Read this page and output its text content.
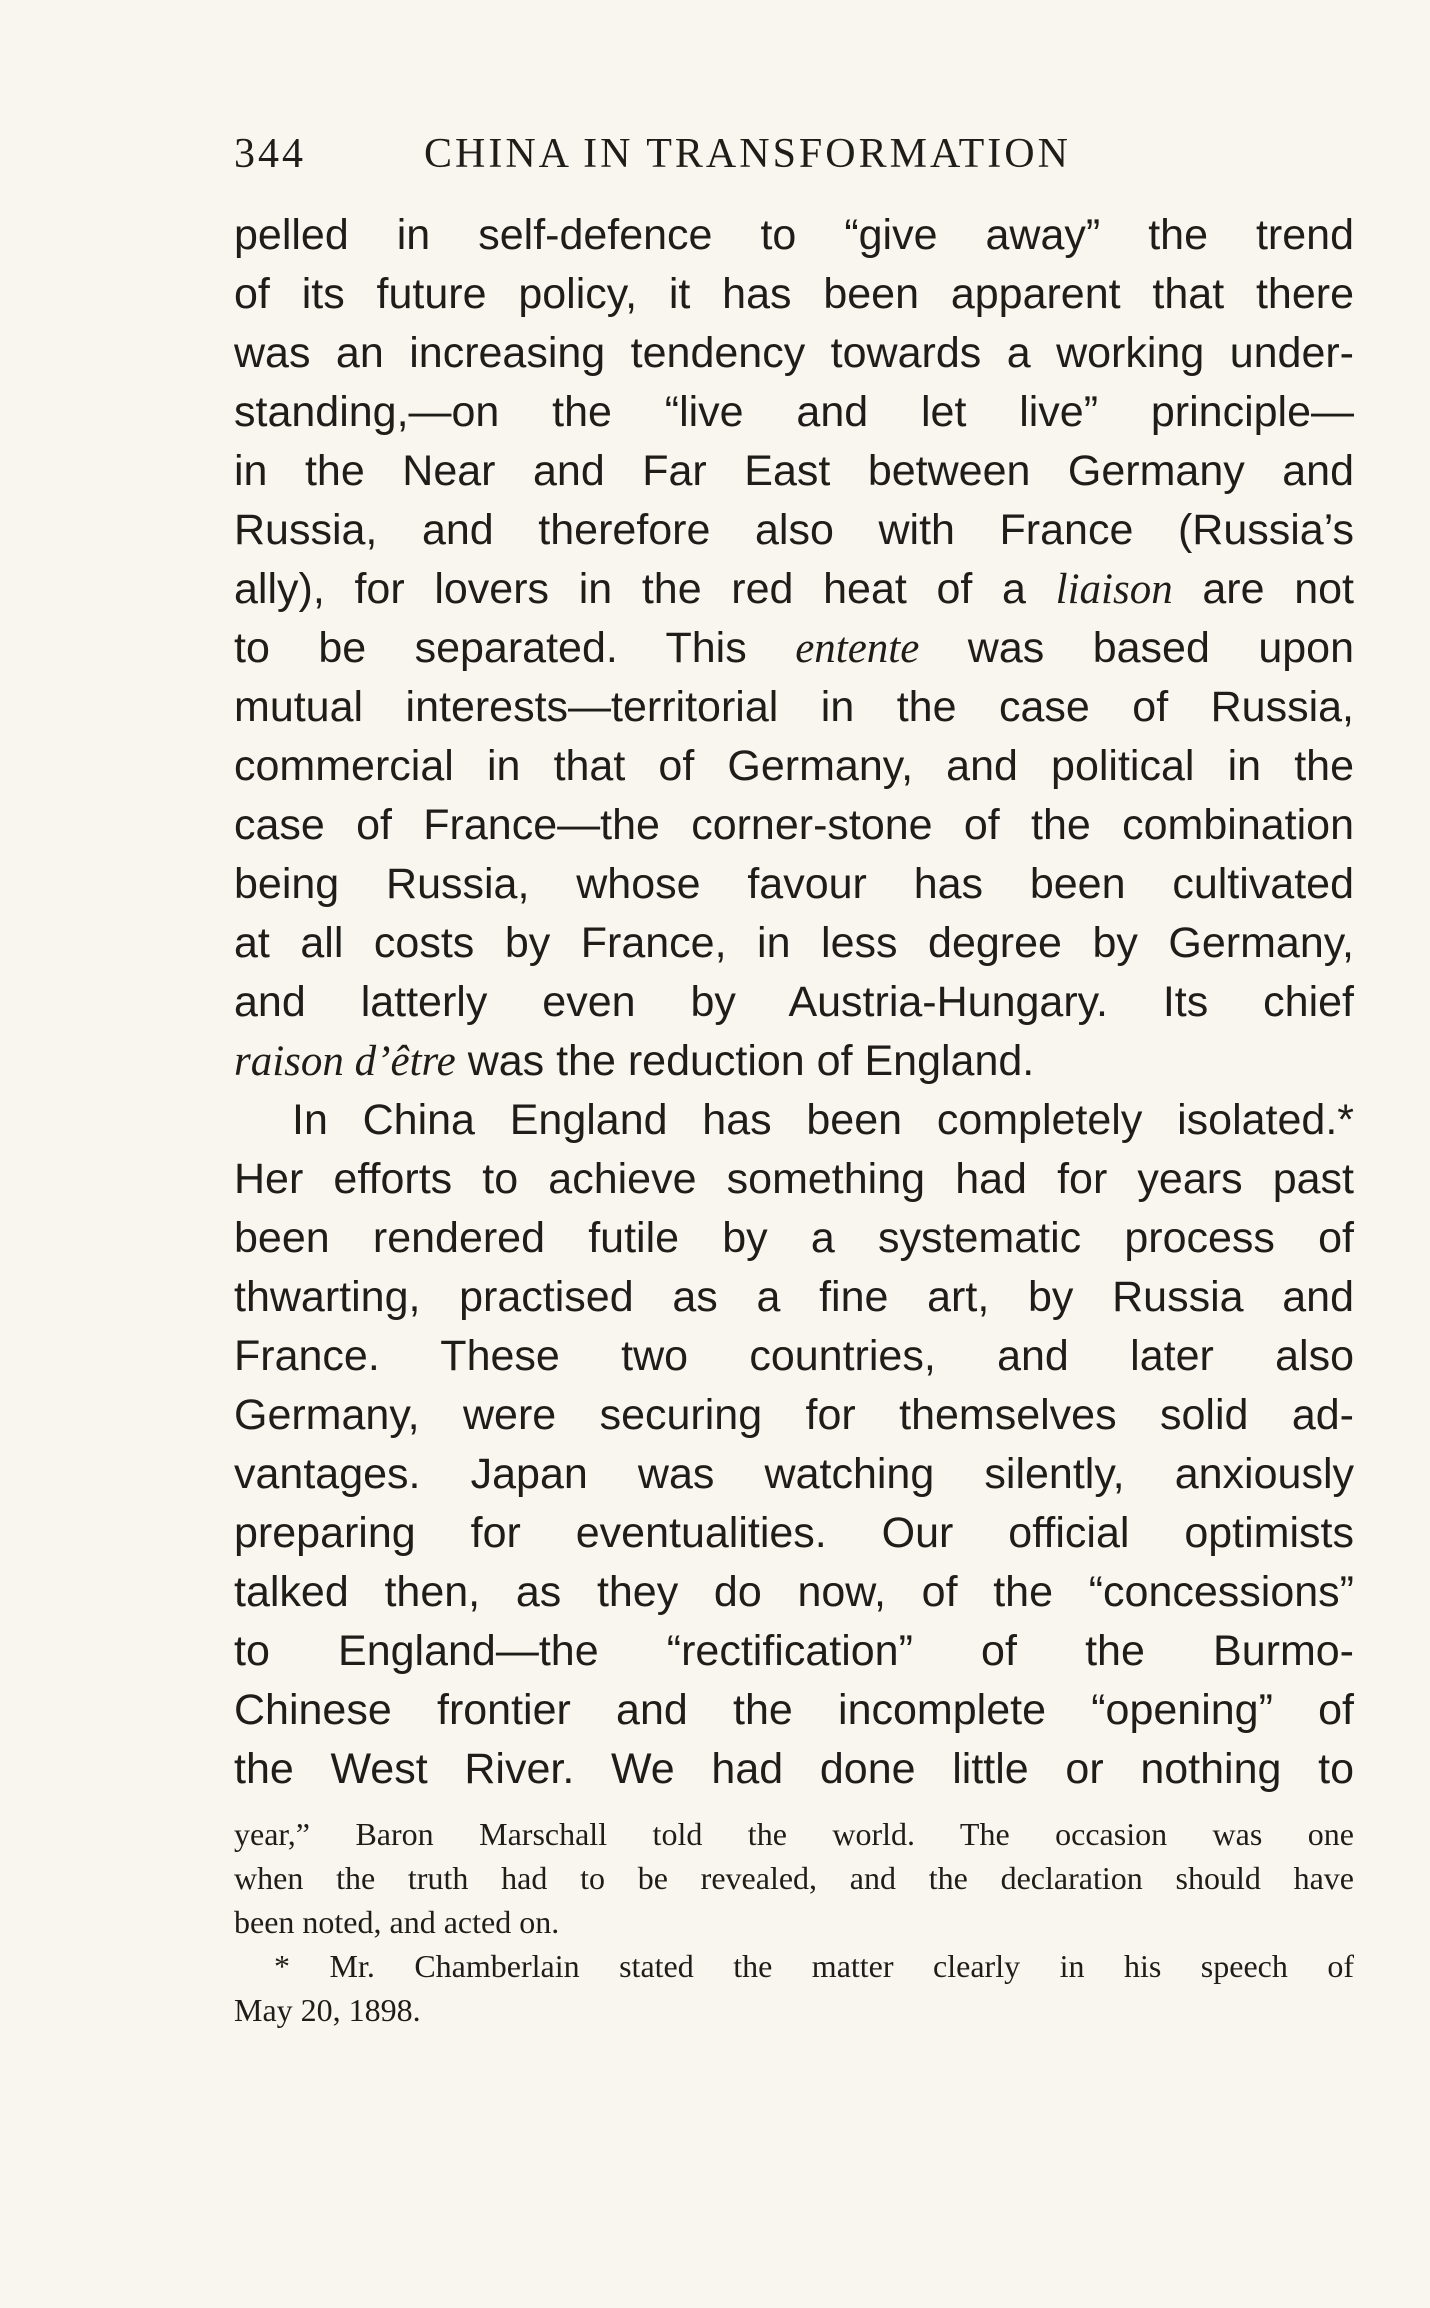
344	CHINA IN TRANSFORMATION
pelled in self-defence to “give away” the trend
of its future policy, it has been apparent that there
was an increasing tendency towards a working under-
standing,—on the “live and let live” principle—
in the Near and Far East between Germany and
Russia, and therefore also with France (Russia’s
ally), for lovers in the red heat of a liaison are not
to be separated. This entente was based upon
mutual interests—territorial in the case of Russia,
commercial in that of Germany, and political in the
case of France—the corner-stone of the combination
being Russia, whose favour has been cultivated
at all costs by France, in less degree by Germany,
and latterly even by Austria-Hungary. Its chief
raison d’être was the reduction of England.
In China England has been completely isolated.*
Her efforts to achieve something had for years past
been rendered futile by a systematic process of
thwarting, practised as a fine art, by Russia and
France. These two countries, and later also
Germany, were securing for themselves solid ad-
vantages. Japan was watching silently, anxiously
preparing for eventualities. Our official optimists
talked then, as they do now, of the “concessions”
to England—the “rectification” of the Burmo-
Chinese frontier and the incomplete “opening” of
the West River. We had done little or nothing to
year,” Baron Marschall told the world. The occasion was one
when the truth had to be revealed, and the declaration should have
been noted, and acted on.
* Mr. Chamberlain stated the matter clearly in his speech of
May 20, 1898.
